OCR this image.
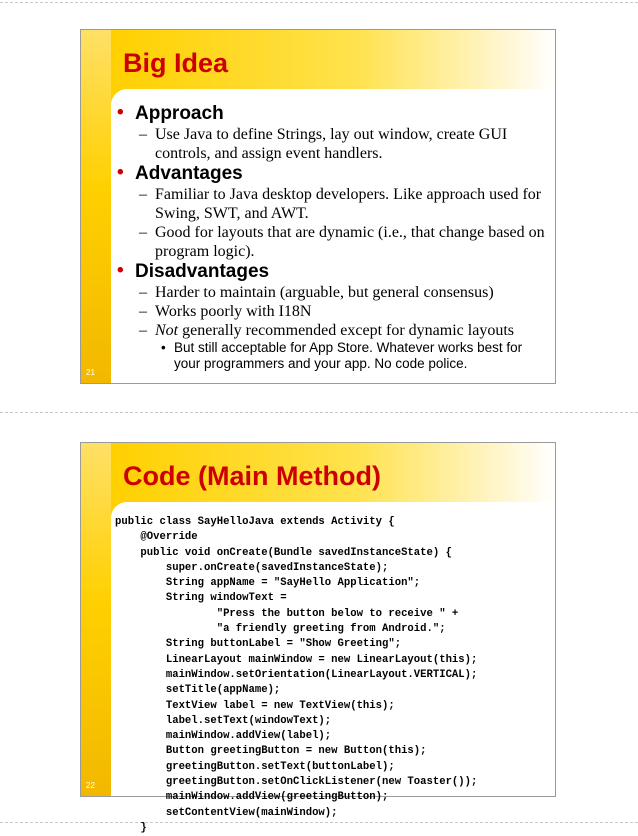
Big Idea
21
• Approach
– Use Java to define Strings, lay out window, create GUI controls, and assign event handlers.
• Advantages
– Familiar to Java desktop developers. Like approach used for Swing, SWT, and AWT.
– Good for layouts that are dynamic (i.e., that change based on program logic).
• Disadvantages
– Harder to maintain (arguable, but general consensus)
– Works poorly with I18N
– Not generally recommended except for dynamic layouts
• But still acceptable for App Store. Whatever works best for your programmers and your app. No code police.
Code (Main Method)
22
public class SayHelloJava extends Activity {
@Override
public void onCreate(Bundle savedInstanceState) {
super.onCreate(savedInstanceState);
String appName = "SayHello Application";
String windowText =
"Press the button below to receive " +
"a friendly greeting from Android.";
String buttonLabel = "Show Greeting";
LinearLayout mainWindow = new LinearLayout(this);
mainWindow.setOrientation(LinearLayout.VERTICAL);
setTitle(appName);
TextView label = new TextView(this);
label.setText(windowText);
mainWindow.addView(label);
Button greetingButton = new Button(this);
greetingButton.setText(buttonLabel);
greetingButton.setOnClickListener(new Toaster());
mainWindow.addView(greetingButton);
setContentView(mainWindow);
}
